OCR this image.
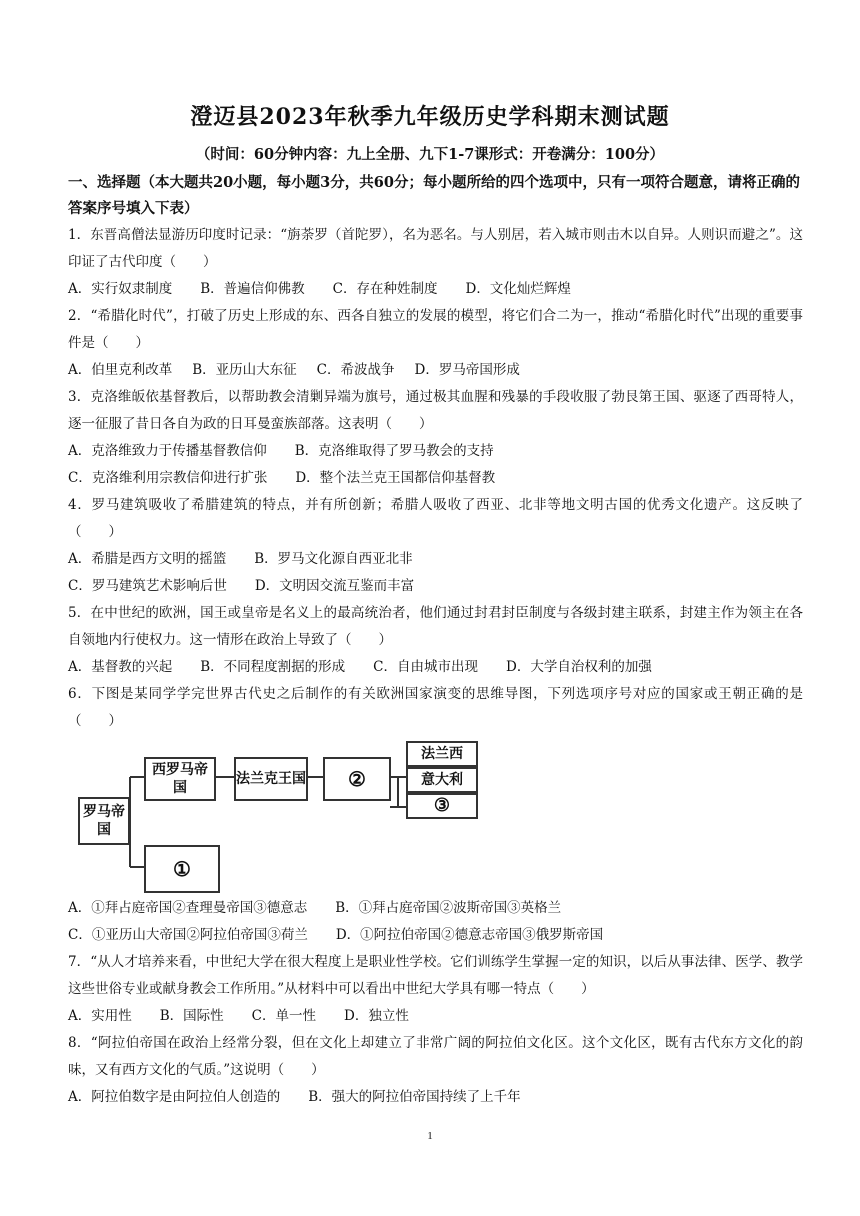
澄迈县2023年秋季九年级历史学科期末测试题
（时间：60分钟内容：九上全册、九下1-7课形式：开卷满分：100分）
一、选择题（本大题共20小题，每小题3分，共60分；每小题所给的四个选项中，只有一项符合题意，请将正确的答案序号填入下表）

1．东晋高僧法显游历印度时记录：“旃荼罗（首陀罗），名为恶名。与人别居，若入城市则击木以自异。人则识而避之”。这印证了古代印度（　　）

A．实行奴隶制度 B．普遍信仰佛教 C．存在种姓制度 D．文化灿烂辉煌

2．“希腊化时代”，打破了历史上形成的东、西各自独立的发展的模型，将它们合二为一，推动“希腊化时代”出现的重要事件是（　　）

A．伯里克利改革 B．亚历山大东征 C．希波战争 D．罗马帝国形成

3．克洛维皈依基督教后，以帮助教会清剿异端为旗号，通过极其血腥和残暴的手段收服了勃艮第王国、驱逐了西哥特人，逐一征服了昔日各自为政的日耳曼蛮族部落。这表明（　　）

A．克洛维致力于传播基督教信仰 B．克洛维取得了罗马教会的支持

C．克洛维利用宗教信仰进行扩张 D．整个法兰克王国都信仰基督教

4．罗马建筑吸收了希腊建筑的特点，并有所创新；希腊人吸收了西亚、北非等地文明古国的优秀文化遗产。这反映了（　　）

A．希腊是西方文明的摇篮 B．罗马文化源自西亚北非

C．罗马建筑艺术影响后世 D．文明因交流互鉴而丰富

5．在中世纪的欧洲，国王或皇帝是名义上的最高统治者，他们通过封君封臣制度与各级封建主联系，封建主作为领主在各自领地内行使权力。这一情形在政治上导致了（　　）

A．基督教的兴起 B．不同程度割据的形成 C．自由城市出现 D．大学自治权利的加强

6．下图是某同学学完世界古代史之后制作的有关欧洲国家演变的思维导图，下列选项序号对应的国家或王朝正确的是（　　）

罗马帝国
西罗马帝国
①
法兰克王国	②
法兰西
意大利
③

A．①拜占庭帝国②查理曼帝国③德意志 B．①拜占庭帝国②波斯帝国③英格兰

C．①亚历山大帝国②阿拉伯帝国③荷兰 D．①阿拉伯帝国②德意志帝国③俄罗斯帝国

7．“从人才培养来看，中世纪大学在很大程度上是职业性学校。它们训练学生掌握一定的知识，以后从事法律、医学、教学这些世俗专业或献身教会工作所用。”从材料中可以看出中世纪大学具有哪一特点（　　）

A．实用性 B．国际性 C．单一性 D．独立性

8．“阿拉伯帝国在政治上经常分裂，但在文化上却建立了非常广阔的阿拉伯文化区。这个文化区，既有古代东方文化的韵味，又有西方文化的气质。”这说明（　　）

A．阿拉伯数字是由阿拉伯人创造的 B．强大的阿拉伯帝国持续了上千年

1
